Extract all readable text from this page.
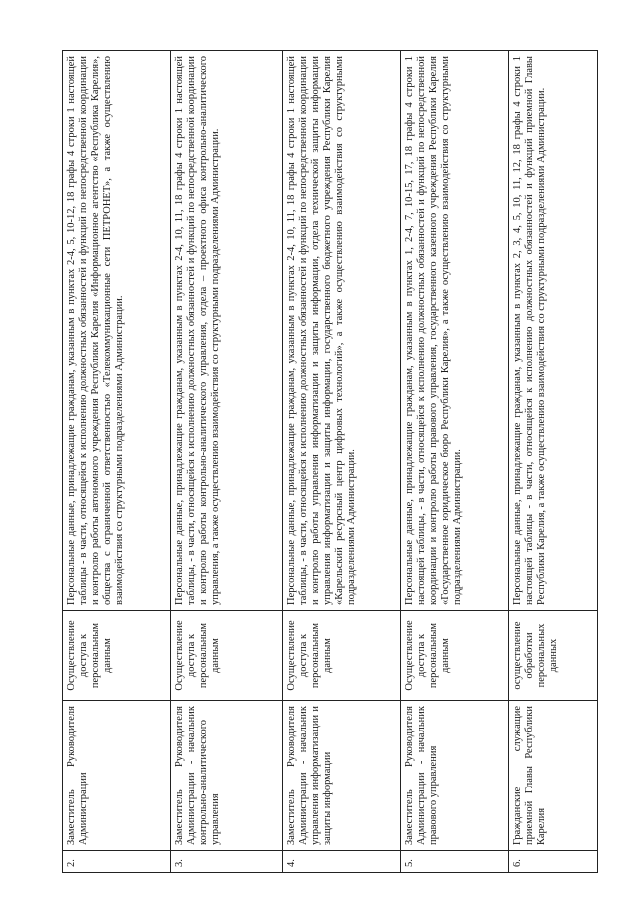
2.	Заместитель Руководителя Администрации	Осуществление доступа к персональным данным	Персональные данные, принадлежащие гражданам, указанным в пунктах 2-4, 5, 10-12, 18 графы 4 строки 1 настоящей таблицы - в части, относящейся к исполнению должностных обязанностей и функций по непосредственной координации и контролю работы автономного учреждения Республики Карелия «Информационное агентство «Республика Карелия», общества с ограниченной ответственностью «Телекоммуникационные сети ПЕТРОНЕТ», а также осуществлению взаимодействия со структурными подразделениями Администрации.
3.	Заместитель Руководителя Администрации - начальник контрольно-аналитического управления	Осуществление доступа к персональным данным	Персональные данные, принадлежащие гражданам, указанным в пунктах 2-4, 10, 11, 18 графы 4 строки 1 настоящей таблицы, - в части, относящейся к исполнению должностных обязанностей и функций по непосредственной координации и контролю работы контрольно-аналитического управления, отдела – проектного офиса контрольно-аналитического управления, а также осуществлению взаимодействия со структурными подразделениями Администрации.
4.	Заместитель Руководителя Администрации - начальник управления информатизации и защиты информации	Осуществление доступа к персональным данным	Персональные данные, принадлежащие гражданам, указанным в пунктах 2-4, 10, 11, 18 графы 4 строки 1 настоящей таблицы, - в части, относящейся к исполнению должностных обязанностей и функций по непосредственной координации и контролю работы управления информатизации и защиты информации, отдела технической защиты информации управления информатизации и защиты информации, государственного бюджетного учреждения Республики Карелия «Карельский ресурсный центр цифровых технологий», а также осуществлению взаимодействия со структурными подразделениями Администрации.
5.	Заместитель Руководителя Администрации - начальник правового управления	Осуществление доступа к персональным данным	Персональные данные, принадлежащие гражданам, указанным в пунктах 1, 2-4, 7, 10-15, 17, 18 графы 4 строки 1 настоящей таблицы, - в части, относящейся к исполнению должностных обязанностей и функций по непосредственной координации и контролю работы правового управления, государственного казенного учреждения Республики Карелия «Государственное юридическое бюро Республики Карелия», а также осуществлению взаимодействия со структурными подразделениями Администрации.
6.	Гражданские служащие приемной Главы Республики Карелия	осуществление обработки персональных данных	Персональные данные, принадлежащие гражданам, указанным в пунктах 2, 3, 4, 5, 10, 11, 12, 18 графы 4 строки 1 настоящей таблицы - в части, относящейся к исполнению должностных обязанностей и функций приемной Главы Республики Карелия, а также осуществлению взаимодействия со структурными подразделениями Администрации.
